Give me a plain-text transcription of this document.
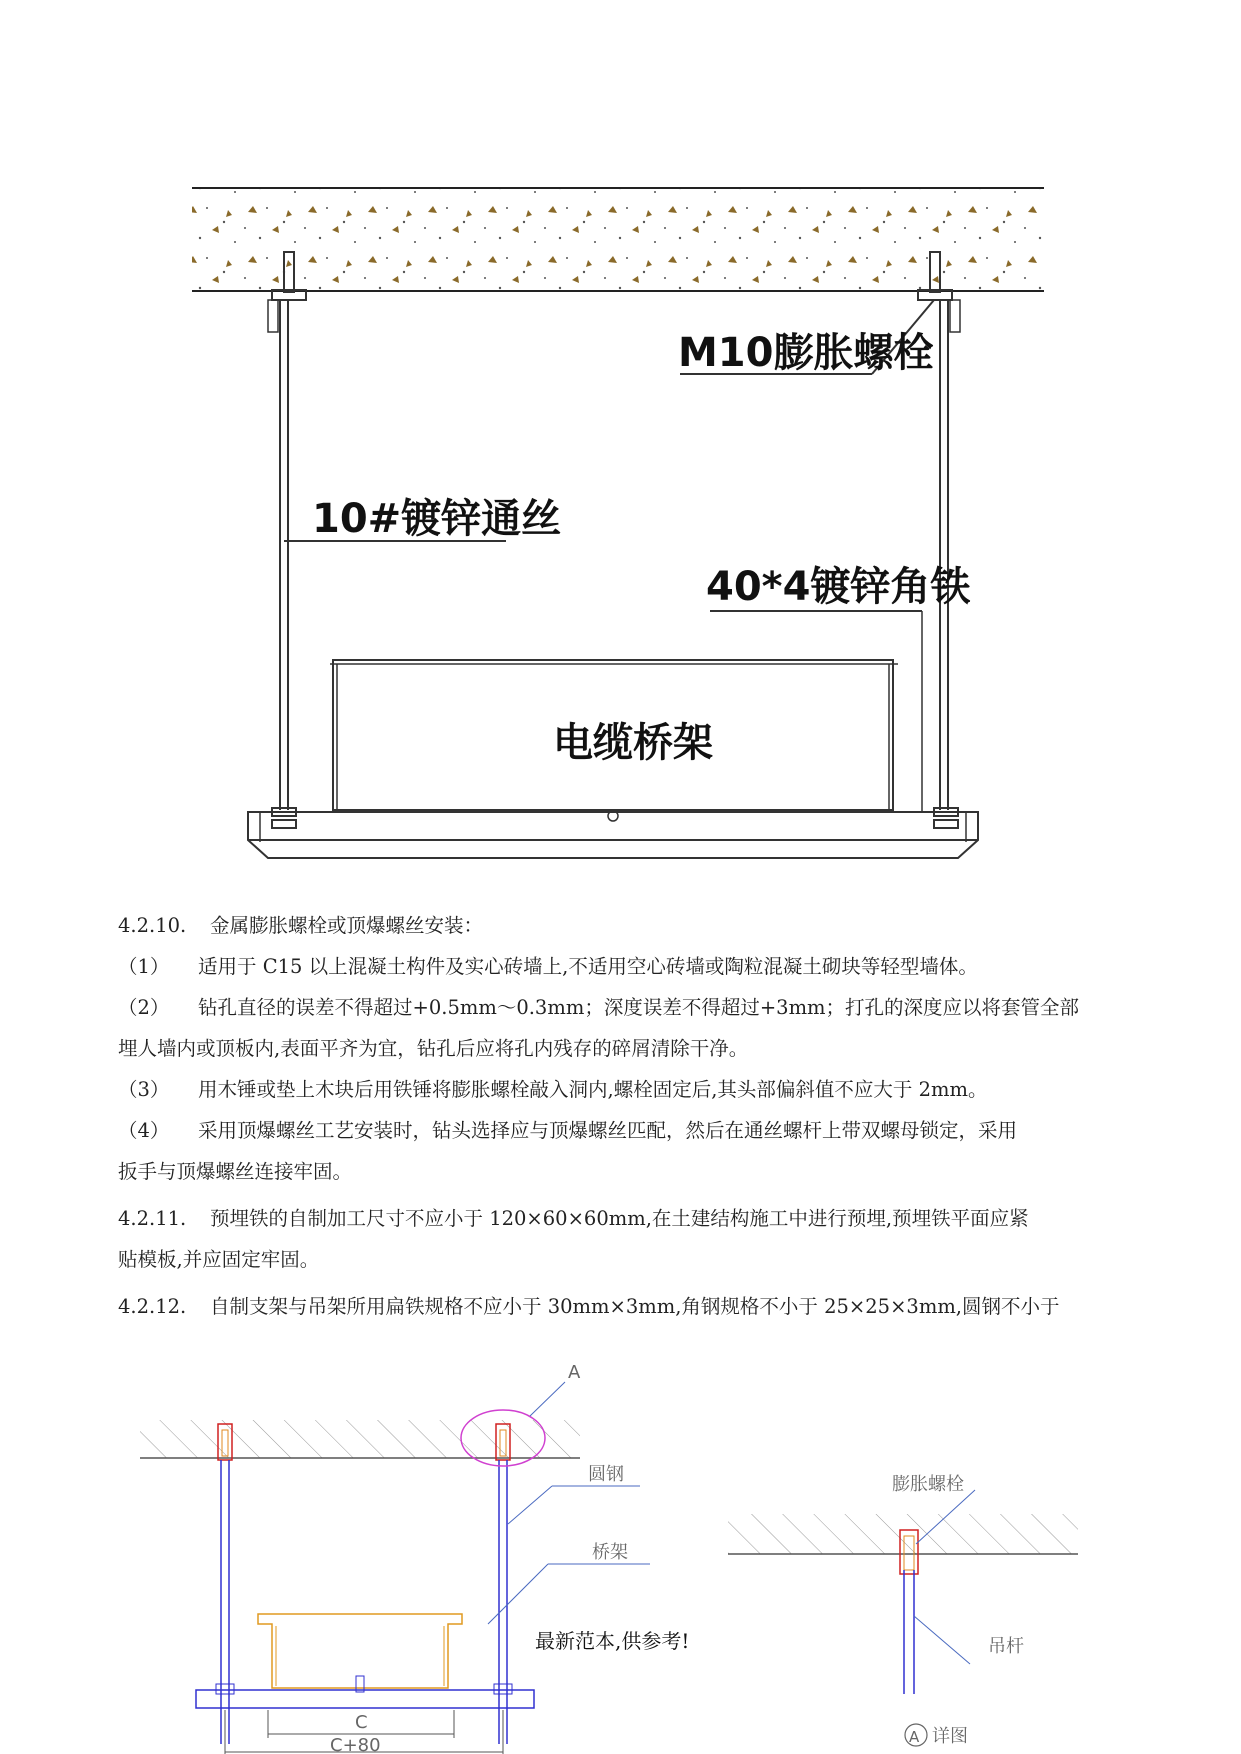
M10膨胀螺栓
10#镀锌通丝
40*4镀锌角铁
电缆桥架

4.2.10. 金属膨胀螺栓或顶爆螺丝安装：

（1） 适用于 C15 以上混凝土构件及实心砖墙上,不适用空心砖墙或陶粒混凝土砌块等轻型墙体。

（2） 钻孔直径的误差不得超过+0.5mm～0.3mm；深度误差不得超过+3mm；打孔的深度应以将套管全部

埋人墙内或顶板内,表面平齐为宜，钻孔后应将孔内残存的碎屑清除干净。

（3） 用木锤或垫上木块后用铁锤将膨胀螺栓敲入洞内,螺栓固定后,其头部偏斜值不应大于 2mm。

（4） 采用顶爆螺丝工艺安装时，钻头选择应与顶爆螺丝匹配，然后在通丝螺杆上带双螺母锁定，采用

扳手与顶爆螺丝连接牢固。

4.2.11. 预埋铁的自制加工尺寸不应小于 120×60×60mm,在土建结构施工中进行预埋,预埋铁平面应紧

贴模板,并应固定牢固。

4.2.12. 自制支架与吊架所用扁铁规格不应小于 30mm×3mm,角钢规格不小于 25×25×3mm,圆钢不小于

A
圆钢
桥架
C
C+80
膨胀螺栓
吊杆
A 详图
最新范本,供参考!
